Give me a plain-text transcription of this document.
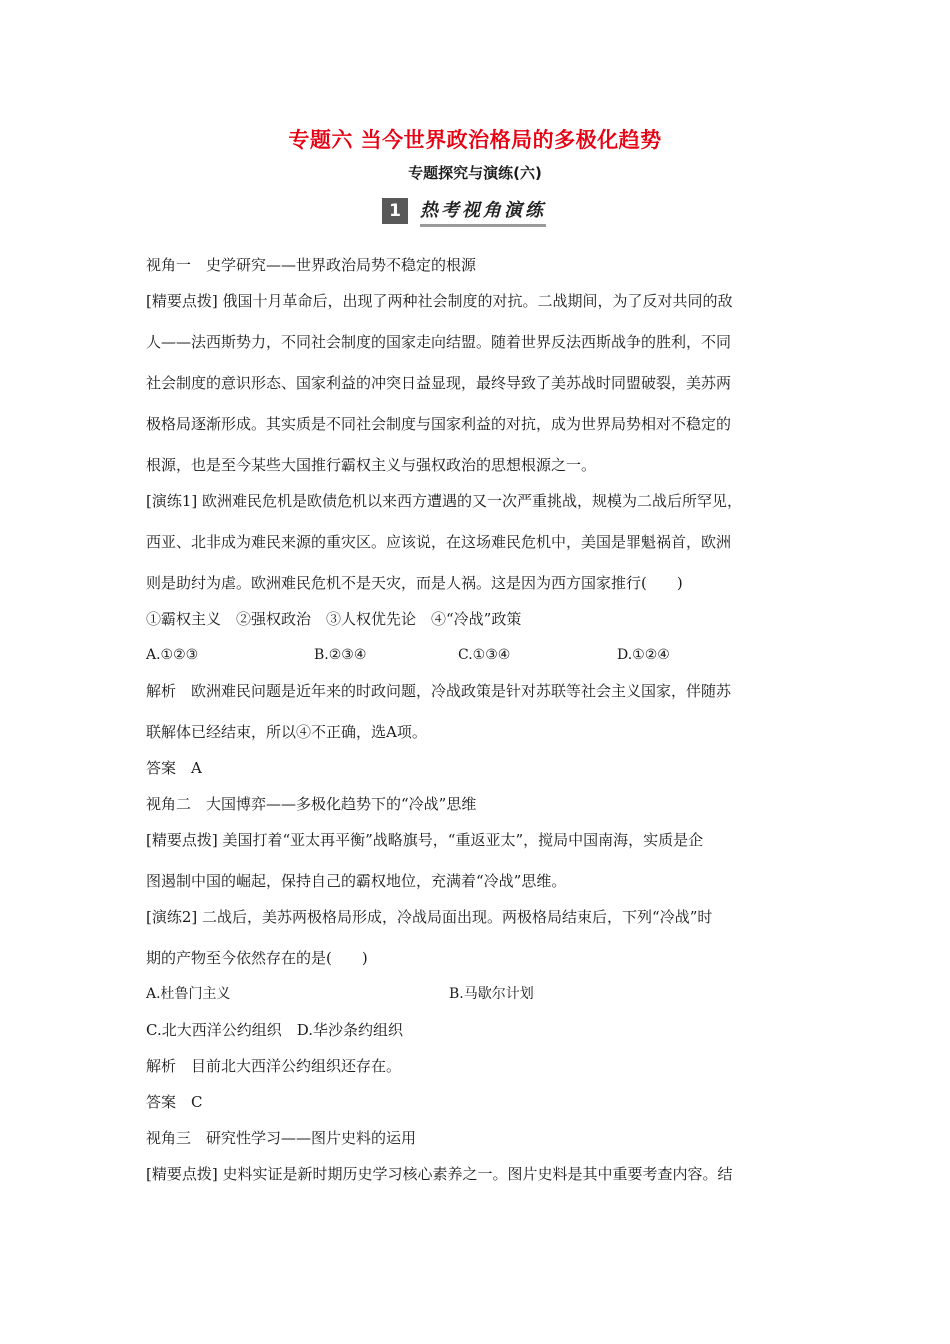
专题六 当今世界政治格局的多极化趋势
专题探究与演练(六)
1	热考视角演练
视角一　史学研究——世界政治局势不稳定的根源
[精要点拨] 俄国十月革命后，出现了两种社会制度的对抗。二战期间，为了反对共同的敌
人——法西斯势力，不同社会制度的国家走向结盟。随着世界反法西斯战争的胜利，不同
社会制度的意识形态、国家利益的冲突日益显现，最终导致了美苏战时同盟破裂，美苏两
极格局逐渐形成。其实质是不同社会制度与国家利益的对抗，成为世界局势相对不稳定的
根源，也是至今某些大国推行霸权主义与强权政治的思想根源之一。
[演练1] 欧洲难民危机是欧债危机以来西方遭遇的又一次严重挑战，规模为二战后所罕见，
西亚、北非成为难民来源的重灾区。应该说，在这场难民危机中，美国是罪魁祸首，欧洲
则是助纣为虐。欧洲难民危机不是天灾，而是人祸。这是因为西方国家推行(　　)
①霸权主义　②强权政治　③人权优先论　④“冷战”政策
A.①②③	B.②③④	C.①③④	D.①②④
解析　欧洲难民问题是近年来的时政问题，冷战政策是针对苏联等社会主义国家，伴随苏
联解体已经结束，所以④不正确，选A项。
答案　A
视角二　大国博弈——多极化趋势下的“冷战”思维
[精要点拨] 美国打着“亚太再平衡”战略旗号，“重返亚太”，搅局中国南海，实质是企
图遏制中国的崛起，保持自己的霸权地位，充满着“冷战”思维。
[演练2] 二战后，美苏两极格局形成，冷战局面出现。两极格局结束后，下列“冷战”时
期的产物至今依然存在的是(　　)
A.杜鲁门主义	B.马歇尔计划
C.北大西洋公约组织　D.华沙条约组织
解析　目前北大西洋公约组织还存在。
答案　C
视角三　研究性学习——图片史料的运用
[精要点拨] 史料实证是新时期历史学习核心素养之一。图片史料是其中重要考查内容。结
